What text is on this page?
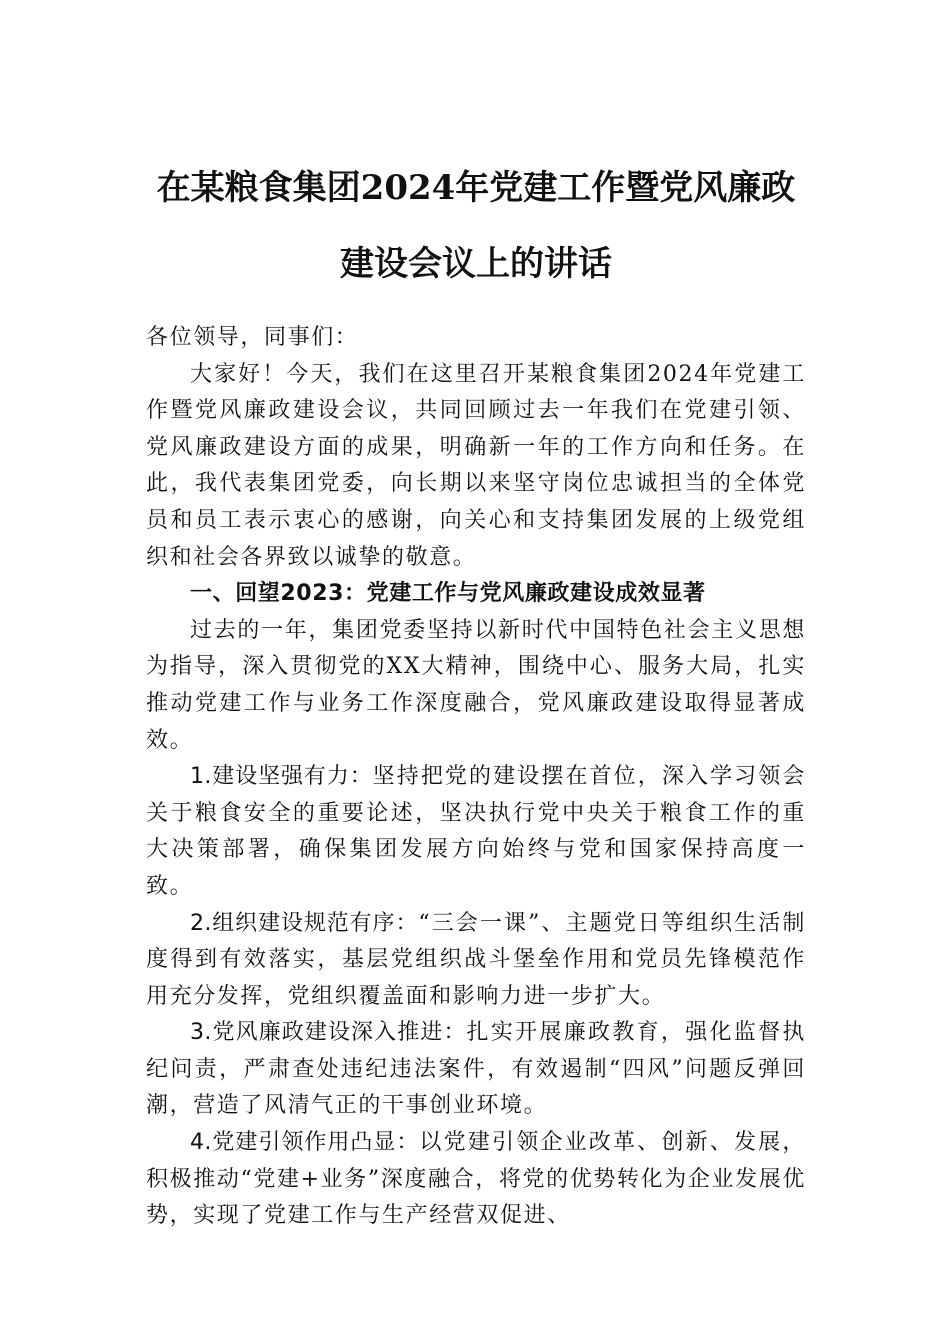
在某粮食集团2024年党建工作暨党风廉政
建设会议上的讲话

各位领导，同事们：

大家好！今天，我们在这里召开某粮食集团2024年党建工作暨党风廉政建设会议，共同回顾过去一年我们在党建引领、党风廉政建设方面的成果，明确新一年的工作方向和任务。在此，我代表集团党委，向长期以来坚守岗位忠诚担当的全体党员和员工表示衷心的感谢，向关心和支持集团发展的上级党组织和社会各界致以诚挚的敬意。

一、回望2023：党建工作与党风廉政建设成效显著

过去的一年，集团党委坚持以新时代中国特色社会主义思想为指导，深入贯彻党的XX大精神，围绕中心、服务大局，扎实推动党建工作与业务工作深度融合，党风廉政建设取得显著成效。

1.建设坚强有力：坚持把党的建设摆在首位，深入学习领会关于粮食安全的重要论述，坚决执行党中央关于粮食工作的重大决策部署，确保集团发展方向始终与党和国家保持高度一致。

2.组织建设规范有序：“三会一课”、主题党日等组织生活制度得到有效落实，基层党组织战斗堡垒作用和党员先锋模范作用充分发挥，党组织覆盖面和影响力进一步扩大。

3.党风廉政建设深入推进：扎实开展廉政教育，强化监督执纪问责，严肃查处违纪违法案件，有效遏制“四风”问题反弹回潮，营造了风清气正的干事创业环境。

4.党建引领作用凸显：以党建引领企业改革、创新、发展，积极推动“党建+业务”深度融合，将党的优势转化为企业发展优势，实现了党建工作与生产经营双促进、
